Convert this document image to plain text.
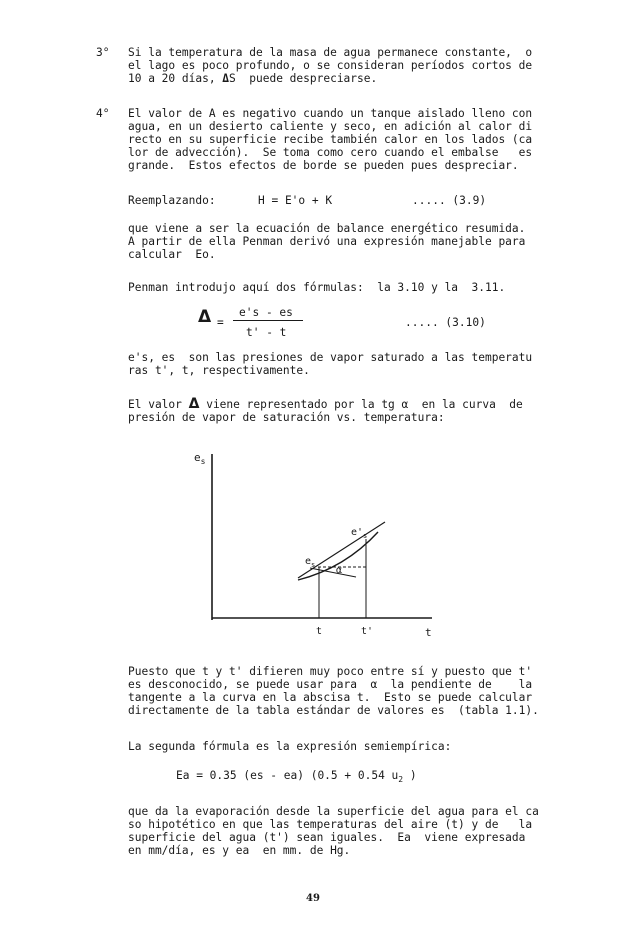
3°	Si la temperatura de la masa de agua permanece constante,  o
el lago es poco profundo, o se consideran períodos cortos de
10 a 20 días, ΔS  puede despreciarse.
4°	El valor de A es negativo cuando un tanque aislado lleno con
agua, en un desierto caliente y seco, en adición al calor di
recto en su superficie recibe también calor en los lados (ca
lor de advección).  Se toma como cero cuando el embalse   es
grande.  Estos efectos de borde se pueden pues despreciar.
Reemplazando:	H = E'o + K	..... (3.9)
que viene a ser la ecuación de balance energético resumida.
A partir de ella Penman derivó una expresión manejable para
calcular  Eo.
Penman introdujo aquí dos fórmulas:  la 3.10 y la  3.11.
Δ =
e's - es
t' - t
..... (3.10)
e's, es  son las presiones de vapor saturado a las temperatu
ras t', t, respectivamente.
El valor Δ viene representado por la tg α  en la curva  de
presión de vapor de saturación vs. temperatura:
$e_s$
t
$e_s$
$e'_s$
α
t	t'
Puesto que t y t' difieren muy poco entre sí y puesto que t'
es desconocido, se puede usar para  α  la pendiente de    la
tangente a la curva en la abscisa t.  Esto se puede calcular
directamente de la tabla estándar de valores es  (tabla 1.1).
La segunda fórmula es la expresión semiempírica:
Ea = 0.35 (es - ea) (0.5 + 0.54 $u_2$ )
que da la evaporación desde la superficie del agua para el ca
so hipotético en que las temperaturas del aire (t) y de   la
superficie del agua (t') sean iguales.  Ea  viene expresada
en mm/día, es y ea  en mm. de Hg.
49
